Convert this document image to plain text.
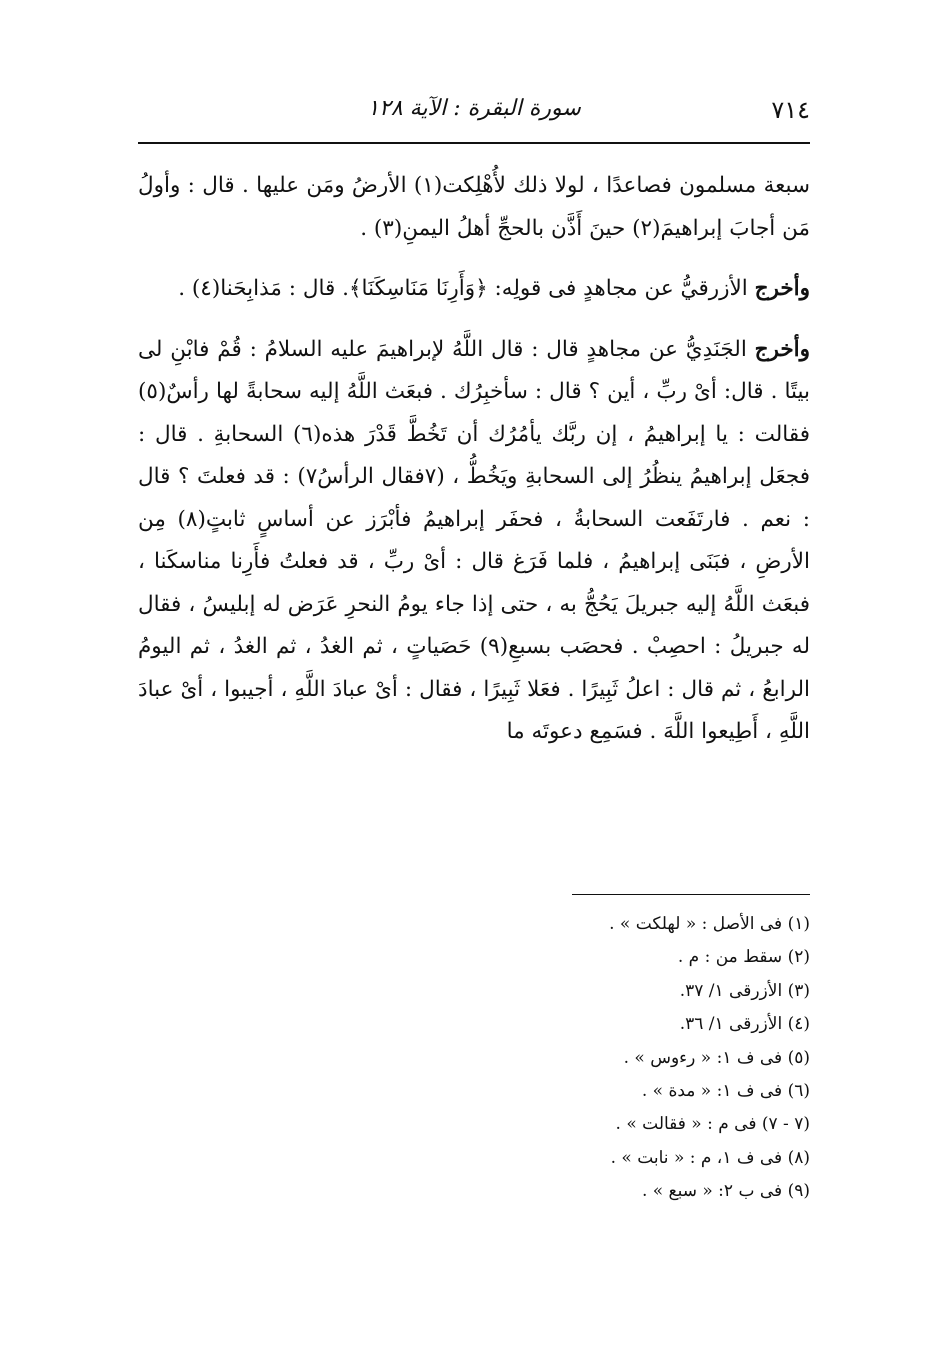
٧١٤
سورة البقرة : الآية ١٢٨

سبعة مسلمون فصاعدًا ، لولا ذلك لأُهْلِكت(١) الأرضُ ومَن عليها . قال : وأولُ مَن أجابَ إبراهيمَ(٢) حينَ أَذَّن بالحجِّ أهلُ اليمنِ(٣) .

وأخرج الأزرقيُّ عن مجاهدٍ فى قولِه: ﴿وَأَرِنَا مَنَاسِكَنَا﴾. قال : مَذابِحَنا(٤) .

وأخرج الجَنَدِيُّ عن مجاهدٍ قال : قال اللَّهُ لإبراهيمَ عليه السلامُ : قُمْ فابْنِ لى بيتًا . قال: أىْ ربِّ ، أين ؟ قال : سأخبِرُك . فبعَث اللَّهُ إليه سحابةً لها رأسٌ(٥) فقالت : يا إبراهيمُ ، إن ربَّك يأمُرُك أن تَخُطَّ قَدْرَ هذه(٦) السحابةِ . قال : فجعَل إبراهيمُ ينظُرُ إلى السحابةِ ويَخُطُّ ، (٧فقال الرأسُ٧) : قد فعلتَ ؟ قال : نعم . فارتَفَعت السحابةُ ، فحفَر إبراهيمُ فأبْرَز عن أساسٍ ثابتٍ(٨) مِن الأرضِ ، فبَنَى إبراهيمُ ، فلما فَرَغ قال : أىْ ربِّ ، قد فعلتُ فأَرِنا مناسكَنا ، فبعَث اللَّهُ إليه جبريلَ يَحُجُّ به ، حتى إذا جاء يومُ النحرِ عَرَض له إبليسُ ، فقال له جبريلُ : احصِبْ . فحصَب بسبعِ(٩) حَصَياتٍ ، ثم الغدُ ، ثم الغدُ ، ثم اليومُ الرابعُ ، ثم قال : اعلُ ثَبِيرًا . فعَلا ثَبِيرًا ، فقال : أىْ عبادَ اللَّهِ ، أجيبوا ، أىْ عبادَ اللَّهِ ، أَطِيعوا اللَّهَ . فسَمِع دعوتَه ما

(١) فى الأصل : « لهلكت » .
(٢) سقط من : م .
(٣) الأزرقى ١/ ٣٧.
(٤) الأزرقى ١/ ٣٦.
(٥) فى ف ١: « رءوس » .
(٦) فى ف ١: « مدة » .
(٧ - ٧) فى م : « فقالت » .
(٨) فى ف ١، م : « نابت » .
(٩) فى ب ٢: « سبع » .
